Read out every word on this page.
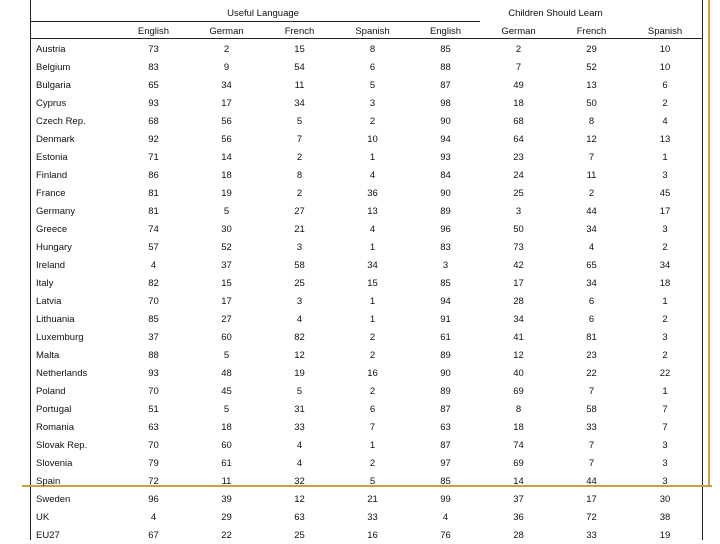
	Useful Language				Children Should Learn			
	English	German	French	Spanish	English	German	French	Spanish
Austria	73	2	15	8	85	2	29	10
Belgium	83	9	54	6	88	7	52	10
Bulgaria	65	34	11	5	87	49	13	6
Cyprus	93	17	34	3	98	18	50	2
Czech Rep.	68	56	5	2	90	68	8	4
Denmark	92	56	7	10	94	64	12	13
Estonia	71	14	2	1	93	23	7	1
Finland	86	18	8	4	84	24	11	3
France	81	19	2	36	90	25	2	45
Germany	81	5	27	13	89	3	44	17
Greece	74	30	21	4	96	50	34	3
Hungary	57	52	3	1	83	73	4	2
Ireland	4	37	58	34	3	42	65	34
Italy	82	15	25	15	85	17	34	18
Latvia	70	17	3	1	94	28	6	1
Lithuania	85	27	4	1	91	34	6	2
Luxemburg	37	60	82	2	61	41	81	3
Malta	88	5	12	2	89	12	23	2
Netherlands	93	48	19	16	90	40	22	22
Poland	70	45	5	2	89	69	7	1
Portugal	51	5	31	6	87	8	58	7
Romania	63	18	33	7	63	18	33	7
Slovak Rep.	70	60	4	1	87	74	7	3
Slovenia	79	61	4	2	97	69	7	3
Spain	72	11	32	5	85	14	44	3
Sweden	96	39	12	21	99	37	17	30
UK	4	29	63	33	4	36	72	38
EU27	67	22	25	16	76	28	33	19
